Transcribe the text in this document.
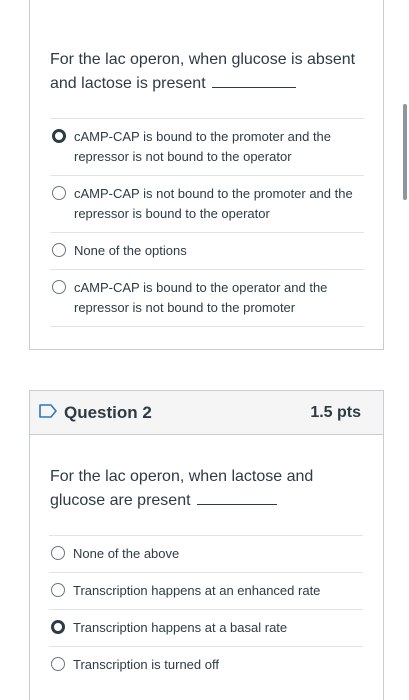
For the lac operon, when glucose is absent and lactose is present
cAMP-CAP is bound to the promoter and the repressor is not bound to the operator
cAMP-CAP is not bound to the promoter and the repressor is bound to the operator
None of the options
cAMP-CAP is bound to the operator and the repressor is not bound to the promoter
Question 2	1.5 pts
For the lac operon, when lactose and glucose are present
None of the above
Transcription happens at an enhanced rate
Transcription happens at a basal rate
Transcription is turned off
